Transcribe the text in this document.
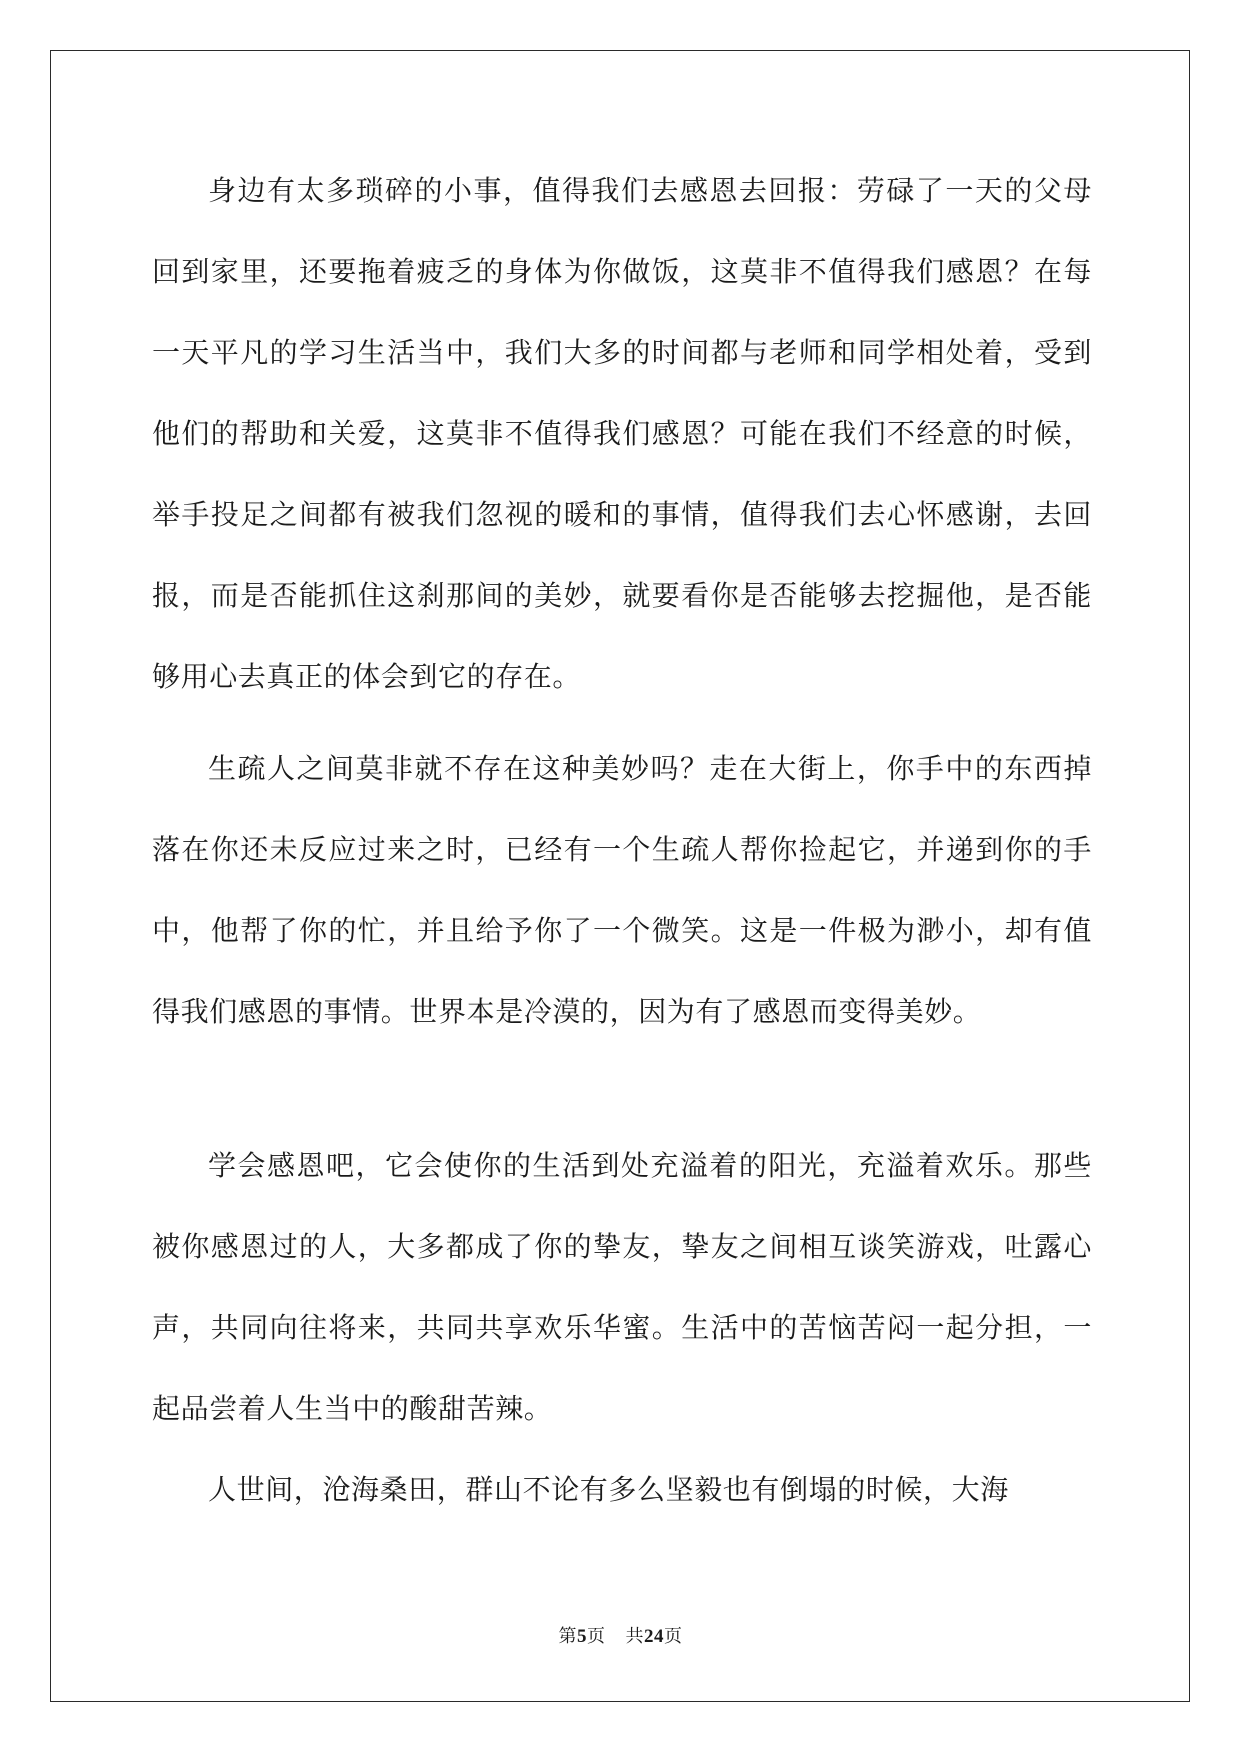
身边有太多琐碎的小事，值得我们去感恩去回报：劳碌了一天的父母回到家里，还要拖着疲乏的身体为你做饭，这莫非不值得我们感恩？在每一天平凡的学习生活当中，我们大多的时间都与老师和同学相处着，受到他们的帮助和关爱，这莫非不值得我们感恩？可能在我们不经意的时候，举手投足之间都有被我们忽视的暖和的事情，值得我们去心怀感谢，去回报，而是否能抓住这刹那间的美妙，就要看你是否能够去挖掘他，是否能够用心去真正的体会到它的存在。

生疏人之间莫非就不存在这种美妙吗？走在大街上，你手中的东西掉落在你还未反应过来之时，已经有一个生疏人帮你捡起它，并递到你的手中，他帮了你的忙，并且给予你了一个微笑。这是一件极为渺小，却有值得我们感恩的事情。世界本是冷漠的，因为有了感恩而变得美妙。

学会感恩吧，它会使你的生活到处充溢着的阳光，充溢着欢乐。那些被你感恩过的人，大多都成了你的挚友，挚友之间相互谈笑游戏，吐露心声，共同向往将来，共同共享欢乐华蜜。生活中的苦恼苦闷一起分担，一起品尝着人生当中的酸甜苦辣。

人世间，沧海桑田，群山不论有多么坚毅也有倒塌的时候，大海

第5页 共24页
